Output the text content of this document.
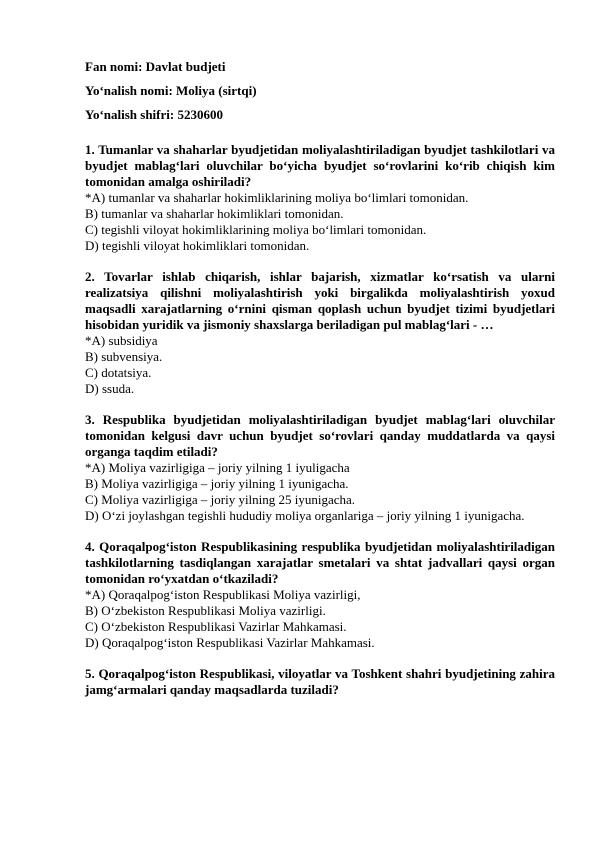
Fan nomi: Davlat budjeti
Yo‘nalish nomi: Moliya (sirtqi)
Yo‘nalish shifri: 5230600
1. Tumanlar va shaharlar byudjetidan moliyalashtiriladigan byudjet tashkilotlari va byudjet mablag‘lari oluvchilar bo‘yicha byudjet so‘rovlarini ko‘rib chiqish kim tomonidan amalga oshiriladi?
*A) tumanlar va shaharlar hokimliklarining moliya bo‘limlari tomonidan.
B) tumanlar va shaharlar hokimliklari tomonidan.
C) tegishli viloyat hokimliklarining moliya bo‘limlari tomonidan.
D) tegishli viloyat hokimliklari tomonidan.
2. Tovarlar ishlab chiqarish, ishlar bajarish, xizmatlar ko‘rsatish va ularni realizatsiya qilishni moliyalashtirish yoki birgalikda moliyalashtirish yoxud maqsadli xarajatlarning o‘rnini qisman qoplash uchun byudjet tizimi byudjetlari hisobidan yuridik va jismoniy shaxslarga beriladigan pul mablag‘lari - …
*A) subsidiya
B) subvensiya.
C) dotatsiya.
D) ssuda.
3. Respublika byudjetidan moliyalashtiriladigan byudjet mablag‘lari oluvchilar tomonidan kelgusi davr uchun byudjet so‘rovlari qanday muddatlarda va qaysi organga taqdim etiladi?
*A) Moliya vazirligiga – joriy yilning 1 iyuligacha
B) Moliya vazirligiga – joriy yilning 1 iyunigacha.
C) Moliya vazirligiga – joriy yilning 25 iyunigacha.
D) O‘zi joylashgan tegishli hududiy moliya organlariga – joriy yilning 1 iyunigacha.
4. Qoraqalpog‘iston Respublikasining respublika byudjetidan moliyalashtiriladigan tashkilotlarning tasdiqlangan xarajatlar smetalari va shtat jadvallari qaysi organ tomonidan ro‘yxatdan o‘tkaziladi?
*A) Qoraqalpog‘iston Respublikasi Moliya vazirligi,
B) O‘zbekiston Respublikasi Moliya vazirligi.
C) O‘zbekiston Respublikasi Vazirlar Mahkamasi.
D) Qoraqalpog‘iston Respublikasi Vazirlar Mahkamasi.
5. Qoraqalpog‘iston Respublikasi, viloyatlar va Toshkent shahri byudjetining zahira jamg‘armalari qanday maqsadlarda tuziladi?
